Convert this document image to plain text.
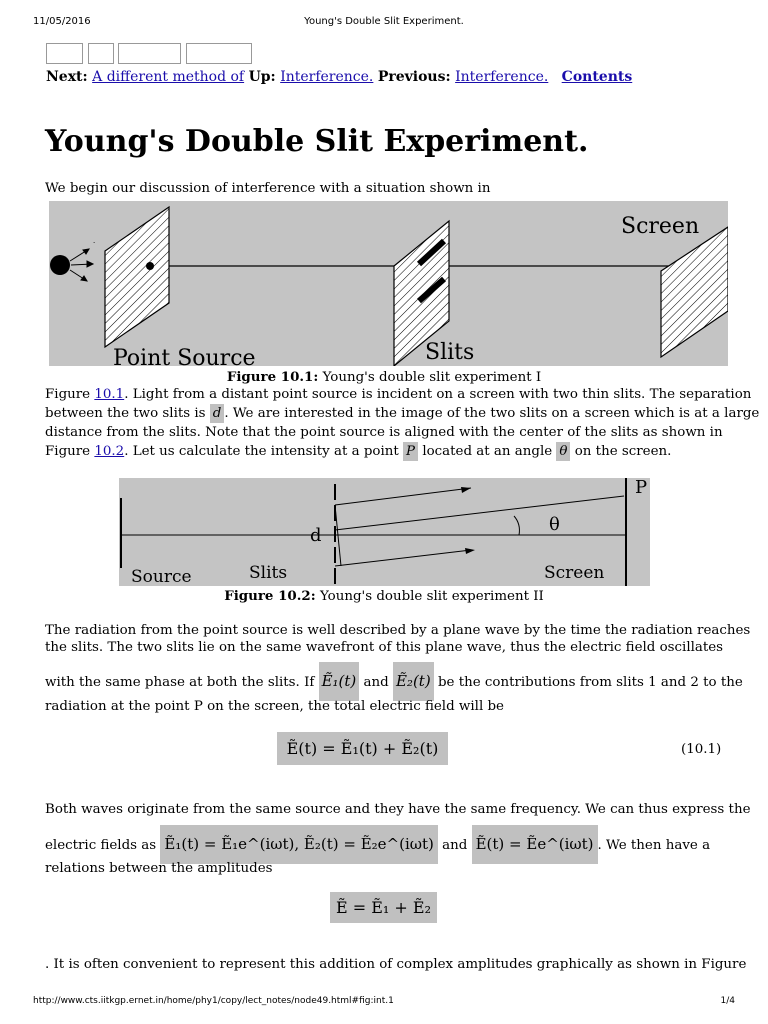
11/05/2016	Young's Double Slit Experiment.
Next: A different method of Up: Interference. Previous: Interference. Contents
Young's Double Slit Experiment.
We begin our discussion of interference with a situation shown in
·
Screen
Point Source	Slits
Figure 10.1: Young's double slit experiment I
Figure 10.1. Light from a distant point source is incident on a screen with two thin slits. The separation
between the two slits is d . We are interested in the image of the two slits on a screen which is at a large
distance from the slits. Note that the point source is aligned with the center of the slits as shown in
Figure 10.2. Let us calculate the intensity at a point P located at an angle θ on the screen.
P
θ
d
Source	Slits	Screen
Figure 10.2: Young's double slit experiment II
The radiation from the point source is well described by a plane wave by the time the radiation reaches
the slits. The two slits lie on the same wavefront of this plane wave, thus the electric field oscillates
with the same phase at both the slits. If Ẽ₁(t) and Ẽ₂(t) be the contributions from slits 1 and 2 to the
radiation at the point P on the screen, the total electric field will be
Ẽ(t) = Ẽ₁(t) + Ẽ₂(t)	(10.1)
Both waves originate from the same source and they have the same frequency. We can thus express the
electric fields as Ẽ₁(t) = Ẽ₁e^(iωt), Ẽ₂(t) = Ẽ₂e^(iωt) and Ẽ(t) = Ẽe^(iωt) . We then have a
relations between the amplitudes
Ẽ = Ẽ₁ + Ẽ₂
. It is often convenient to represent this addition of complex amplitudes graphically as shown in Figure
http://www.cts.iitkgp.ernet.in/home/phy1/copy/lect_notes/node49.html#fig:int.1	1/4
